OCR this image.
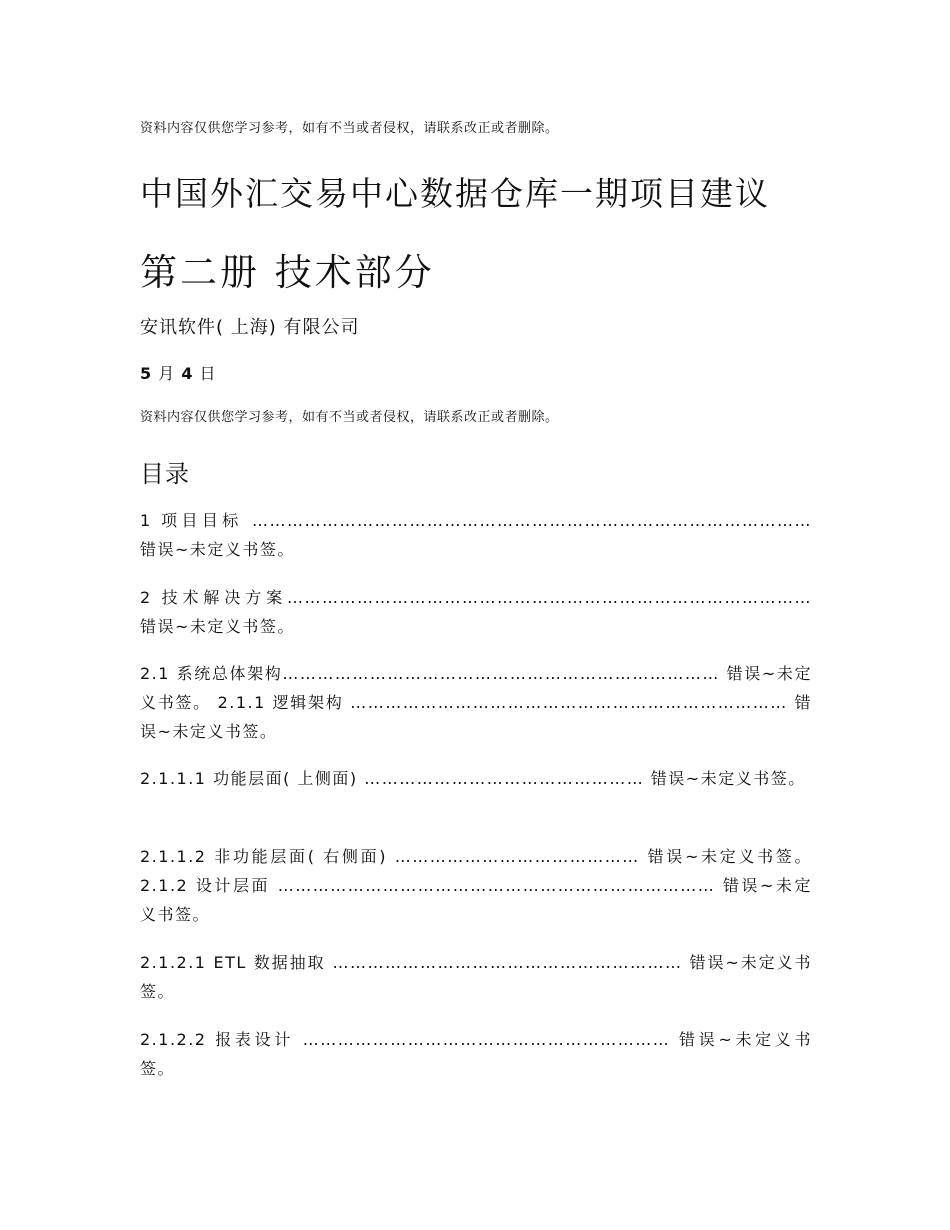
资料内容仅供您学习参考，如有不当或者侵权，请联系改正或者删除。
中国外汇交易中心数据仓库一期项目建议
第二册 技术部分
安讯软件( 上海) 有限公司
5 月 4 日
资料内容仅供您学习参考，如有不当或者侵权，请联系改正或者删除。
目录
1 项目目标 …………………………………………………………………………………… 错误~未定义书签。
2 技术解决方案……………………………………………………………………………… 错误~未定义书签。
2.1 系统总体架构………………………………………………………………… 错误~未定义书签。 2.1.1 逻辑架构 ………………………………………………………………… 错误~未定义书签。
2.1.1.1 功能层面( 上侧面) ………………………………………… 错误~未定义书签。
2.1.1.2 非功能层面( 右侧面) …………………………………… 错误~未定义书签。 2.1.2 设计层面 ………………………………………………………………… 错误~未定义书签。
2.1.2.1 ETL 数据抽取 …………………………………………………… 错误~未定义书签。
2.1.2.2 报表设计 ……………………………………………………… 错误~未定义书签。
